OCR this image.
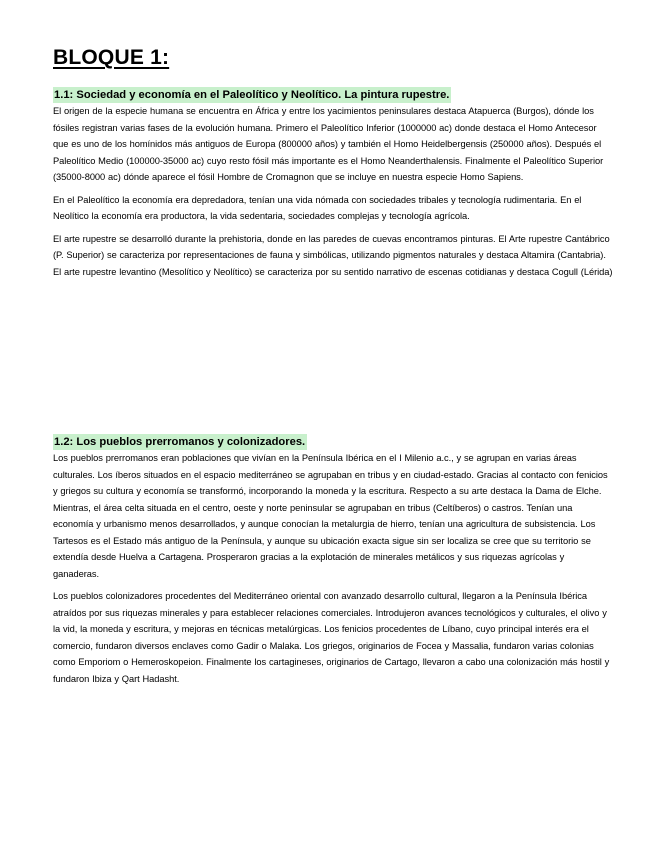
BLOQUE 1:
1.1: Sociedad y economía en el Paleolítico y Neolítico. La pintura rupestre.

El origen de la especie humana se encuentra en África y entre los yacimientos peninsulares destaca Atapuerca (Burgos), dónde los fósiles registran varias fases de la evolución humana. Primero el Paleolítico Inferior (1000000 ac) donde destaca el Homo Antecesor que es uno de los homínidos más antiguos de Europa (800000 años) y también el Homo Heidelbergensis (250000 años). Después el Paleolítico Medio (100000-35000 ac) cuyo resto fósil más importante es el Homo Neanderthalensis. Finalmente el Paleolítico Superior (35000-8000 ac) dónde aparece el fósil Hombre de Cromagnon que se incluye en nuestra especie Homo Sapiens.

En el Paleolítico la economía era depredadora, tenían una vida nómada con sociedades tribales y tecnología rudimentaria. En el Neolítico la economía era productora, la vida sedentaria, sociedades complejas y tecnología agrícola.

El arte rupestre se desarrolló durante la prehistoria, donde en las paredes de cuevas encontramos pinturas. El Arte rupestre Cantábrico (P. Superior) se caracteriza por representaciones de fauna y simbólicas, utilizando pigmentos naturales y destaca Altamira (Cantabria). El arte rupestre levantino (Mesolítico y Neolítico) se caracteriza por su sentido narrativo de escenas cotidianas y destaca Cogull (Lérida)

1.2: Los pueblos prerromanos y colonizadores.

Los pueblos prerromanos eran poblaciones que vivían en la Península Ibérica en el I Milenio a.c., y se agrupan en varias áreas culturales. Los íberos situados en el espacio mediterráneo se agrupaban en tribus y en ciudad-estado. Gracias al contacto con fenicios y griegos su cultura y economía se transformó, incorporando la moneda y la escritura. Respecto a su arte destaca la Dama de Elche. Mientras, el área celta situada en el centro, oeste y norte peninsular se agrupaban en tribus (Celtíberos) o castros. Tenían una economía y urbanismo menos desarrollados, y aunque conocían la metalurgia de hierro, tenían una agricultura de subsistencia. Los Tartesos es el Estado más antiguo de la Península, y aunque su ubicación exacta sigue sin ser localiza se cree que su territorio se extendía desde Huelva a Cartagena. Prosperaron gracias a la explotación de minerales metálicos y sus riquezas agrícolas y ganaderas.

Los pueblos colonizadores procedentes del Mediterráneo oriental con avanzado desarrollo cultural, llegaron a la Península Ibérica atraídos por sus riquezas minerales y para establecer relaciones comerciales. Introdujeron avances tecnológicos y culturales, el olivo y la vid, la moneda y escritura, y mejoras en técnicas metalúrgicas. Los fenicios procedentes de Líbano, cuyo principal interés era el comercio, fundaron diversos enclaves como Gadir o Malaka. Los griegos, originarios de Focea y Massalia, fundaron varias colonias como Emporiom o Hemeroskopeion. Finalmente los cartagineses, originarios de Cartago, llevaron a cabo una colonización más hostil y fundaron Ibiza y Qart Hadasht.
